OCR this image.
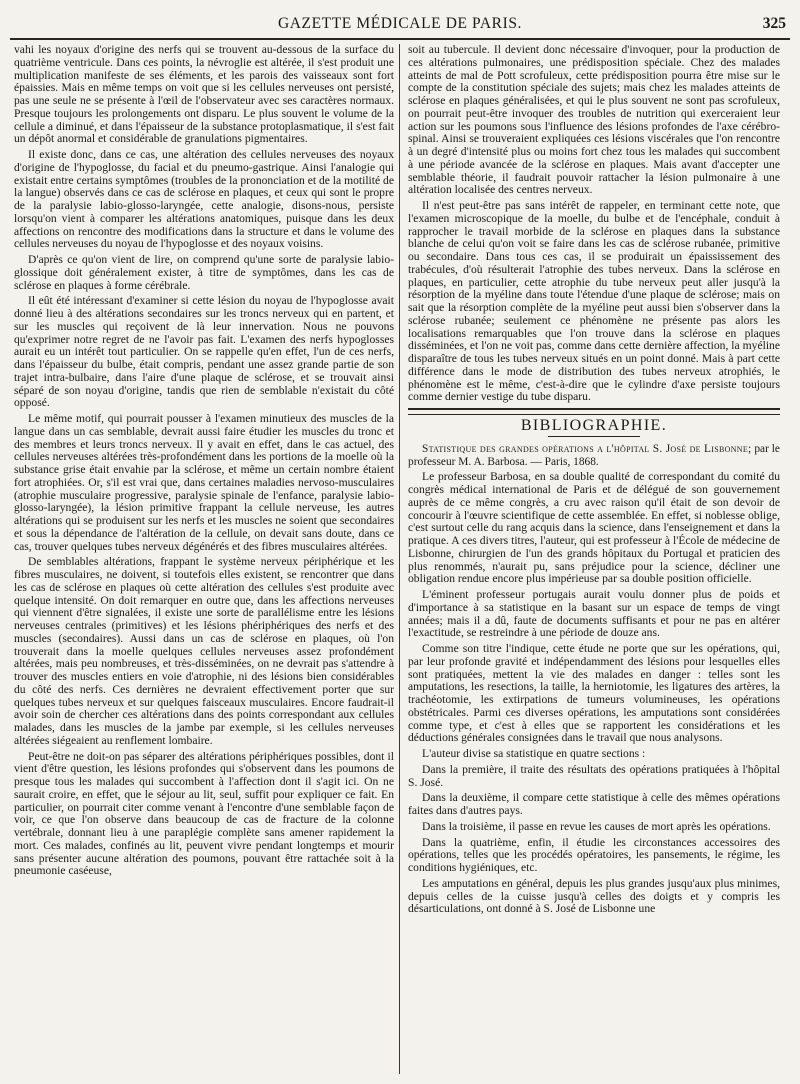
GAZETTE MÉDICALE DE PARIS.	325

vahi les noyaux d'origine des nerfs qui se trouvent au-dessous de la surface du quatrième ventricule. Dans ces points, la névroglie est altérée, il s'est produit une multiplication manifeste de ses éléments, et les parois des vaisseaux sont fort épaissies. Mais en même temps on voit que si les cellules nerveuses ont persisté, pas une seule ne se présente à l'œil de l'observateur avec ses caractères normaux. Presque toujours les prolongements ont disparu. Le plus souvent le volume de la cellule a diminué, et dans l'épaisseur de la substance protoplasmatique, il s'est fait un dépôt anormal et considérable de granulations pigmentaires.

Il existe donc, dans ce cas, une altération des cellules nerveuses des noyaux d'origine de l'hypoglosse, du facial et du pneumo-gastrique. Ainsi l'analogie qui existait entre certains symptômes (troubles de la prononciation et de la motilité de la langue) observés dans ce cas de sclérose en plaques, et ceux qui sont le propre de la paralysie labio-glosso-laryngée, cette analogie, disons-nous, persiste lorsqu'on vient à comparer les altérations anatomiques, puisque dans les deux affections on rencontre des modifications dans la structure et dans le volume des cellules nerveuses du noyau de l'hypoglosse et des noyaux voisins.

D'après ce qu'on vient de lire, on comprend qu'une sorte de paralysie labio-glossique doit généralement exister, à titre de symptômes, dans les cas de sclérose en plaques à forme cérébrale.

Il eût été intéressant d'examiner si cette lésion du noyau de l'hypoglosse avait donné lieu à des altérations secondaires sur les troncs nerveux qui en partent, et sur les muscles qui reçoivent de là leur innervation. Nous ne pouvons qu'exprimer notre regret de ne l'avoir pas fait. L'examen des nerfs hypoglosses aurait eu un intérêt tout particulier. On se rappelle qu'en effet, l'un de ces nerfs, dans l'épaisseur du bulbe, était compris, pendant une assez grande partie de son trajet intra-bulbaire, dans l'aire d'une plaque de sclérose, et se trouvait ainsi séparé de son noyau d'origine, tandis que rien de semblable n'existait du côté opposé.

Le même motif, qui pourrait pousser à l'examen minutieux des muscles de la langue dans un cas semblable, devrait aussi faire étudier les muscles du tronc et des membres et leurs troncs nerveux. Il y avait en effet, dans le cas actuel, des cellules nerveuses altérées très-profondément dans les portions de la moelle où la substance grise était envahie par la sclérose, et même un certain nombre étaient fort atrophiées. Or, s'il est vrai que, dans certaines maladies nervoso-musculaires (atrophie musculaire progressive, paralysie spinale de l'enfance, paralysie labio-glosso-laryngée), la lésion primitive frappant la cellule nerveuse, les autres altérations qui se produisent sur les nerfs et les muscles ne soient que secondaires et sous la dépendance de l'altération de la cellule, on devait sans doute, dans ce cas, trouver quelques tubes nerveux dégénérés et des fibres musculaires altérées.

De semblables altérations, frappant le système nerveux périphérique et les fibres musculaires, ne doivent, si toutefois elles existent, se rencontrer que dans les cas de sclérose en plaques où cette altération des cellules s'est produite avec quelque intensité. On doit remarquer en outre que, dans les affections nerveuses qui viennent d'être signalées, il existe une sorte de parallélisme entre les lésions nerveuses centrales (primitives) et les lésions phériphériques des nerfs et des muscles (secondaires). Aussi dans un cas de sclérose en plaques, où l'on trouverait dans la moelle quelques cellules nerveuses assez profondément altérées, mais peu nombreuses, et très-disséminées, on ne devrait pas s'attendre à trouver des muscles entiers en voie d'atrophie, ni des lésions bien considérables du côté des nerfs. Ces dernières ne devraient effectivement porter que sur quelques tubes nerveux et sur quelques faisceaux musculaires. Encore faudrait-il avoir soin de chercher ces altérations dans des points correspondant aux cellules malades, dans les muscles de la jambe par exemple, si les cellules nerveuses altérées siégeaient au renflement lombaire.

Peut-être ne doit-on pas séparer des altérations périphériques possibles, dont il vient d'être question, les lésions profondes qui s'observent dans les poumons de presque tous les malades qui succombent à l'affection dont il s'agit ici. On ne saurait croire, en effet, que le séjour au lit, seul, suffit pour expliquer ce fait. En particulier, on pourrait citer comme venant à l'encontre d'une semblable façon de voir, ce que l'on observe dans beaucoup de cas de fracture de la colonne vertébrale, donnant lieu à une paraplégie complète sans amener rapidement la mort. Ces malades, confinés au lit, peuvent vivre pendant longtemps et mourir sans présenter aucune altération des poumons, pouvant être rattachée soit à la pneumonie caséeuse,

soit au tubercule. Il devient donc nécessaire d'invoquer, pour la production de ces altérations pulmonaires, une prédisposition spéciale. Chez des malades atteints de mal de Pott scrofuleux, cette prédisposition pourra être mise sur le compte de la constitution spéciale des sujets; mais chez les malades atteints de sclérose en plaques généralisées, et qui le plus souvent ne sont pas scrofuleux, on pourrait peut-être invoquer des troubles de nutrition qui exerceraient leur action sur les poumons sous l'influence des lésions profondes de l'axe cérébro-spinal. Ainsi se trouveraient expliquées ces lésions viscérales que l'on rencontre à un degré d'intensité plus ou moins fort chez tous les malades qui succombent à une période avancée de la sclérose en plaques. Mais avant d'accepter une semblable théorie, il faudrait pouvoir rattacher la lésion pulmonaire à une altération localisée des centres nerveux.

Il n'est peut-être pas sans intérêt de rappeler, en terminant cette note, que l'examen microscopique de la moelle, du bulbe et de l'encéphale, conduit à rapprocher le travail morbide de la sclérose en plaques dans la substance blanche de celui qu'on voit se faire dans les cas de sclérose rubanée, primitive ou secondaire. Dans tous ces cas, il se produirait un épaississement des trabécules, d'où résulterait l'atrophie des tubes nerveux. Dans la sclérose en plaques, en particulier, cette atrophie du tube nerveux peut aller jusqu'à la résorption de la myéline dans toute l'étendue d'une plaque de sclérose; mais on sait que la résorption complète de la myéline peut aussi bien s'observer dans la sclérose rubanée; seulement ce phénomène ne présente pas alors les localisations remarquables que l'on trouve dans la sclérose en plaques disséminées, et l'on ne voit pas, comme dans cette dernière affection, la myéline disparaître de tous les tubes nerveux situés en un point donné. Mais à part cette différence dans le mode de distribution des tubes nerveux atrophiés, le phénomène est le même, c'est-à-dire que le cylindre d'axe persiste toujours comme dernier vestige du tube disparu.

BIBLIOGRAPHIE.

Statistique des grandes opérations a l'hôpital S. José de Lisbonne; par le professeur M. A. Barbosa. — Paris, 1868.

Le professeur Barbosa, en sa double qualité de correspondant du comité du congrès médical international de Paris et de délégué de son gouvernement auprès de ce même congrès, a cru avec raison qu'il était de son devoir de concourir à l'œuvre scientifique de cette assemblée. En effet, si noblesse oblige, c'est surtout celle du rang acquis dans la science, dans l'enseignement et dans la pratique. A ces divers titres, l'auteur, qui est professeur à l'École de médecine de Lisbonne, chirurgien de l'un des grands hôpitaux du Portugal et praticien des plus renommés, n'aurait pu, sans préjudice pour la science, décliner une obligation rendue encore plus impérieuse par sa double position officielle.

L'éminent professeur portugais aurait voulu donner plus de poids et d'importance à sa statistique en la basant sur un espace de temps de vingt années; mais il a dû, faute de documents suffisants et pour ne pas en altérer l'exactitude, se restreindre à une période de douze ans.

Comme son titre l'indique, cette étude ne porte que sur les opérations, qui, par leur profonde gravité et indépendamment des lésions pour lesquelles elles sont pratiquées, mettent la vie des malades en danger : telles sont les amputations, les resections, la taille, la herniotomie, les ligatures des artères, la trachéotomie, les extirpations de tumeurs volumineuses, les opérations obstétricales. Parmi ces diverses opérations, les amputations sont considérées comme type, et c'est à elles que se rapportent les considérations et les déductions générales consignées dans le travail que nous analysons.

L'auteur divise sa statistique en quatre sections :

Dans la première, il traite des résultats des opérations pratiquées à l'hôpital S. José.

Dans la deuxième, il compare cette statistique à celle des mêmes opérations faites dans d'autres pays.

Dans la troisième, il passe en revue les causes de mort après les opérations.

Dans la quatrième, enfin, il étudie les circonstances accessoires des opérations, telles que les procédés opératoires, les pansements, le régime, les conditions hygiéniques, etc.

Les amputations en général, depuis les plus grandes jusqu'aux plus minimes, depuis celles de la cuisse jusqu'à celles des doigts et y compris les désarticulations, ont donné à S. José de Lisbonne une
